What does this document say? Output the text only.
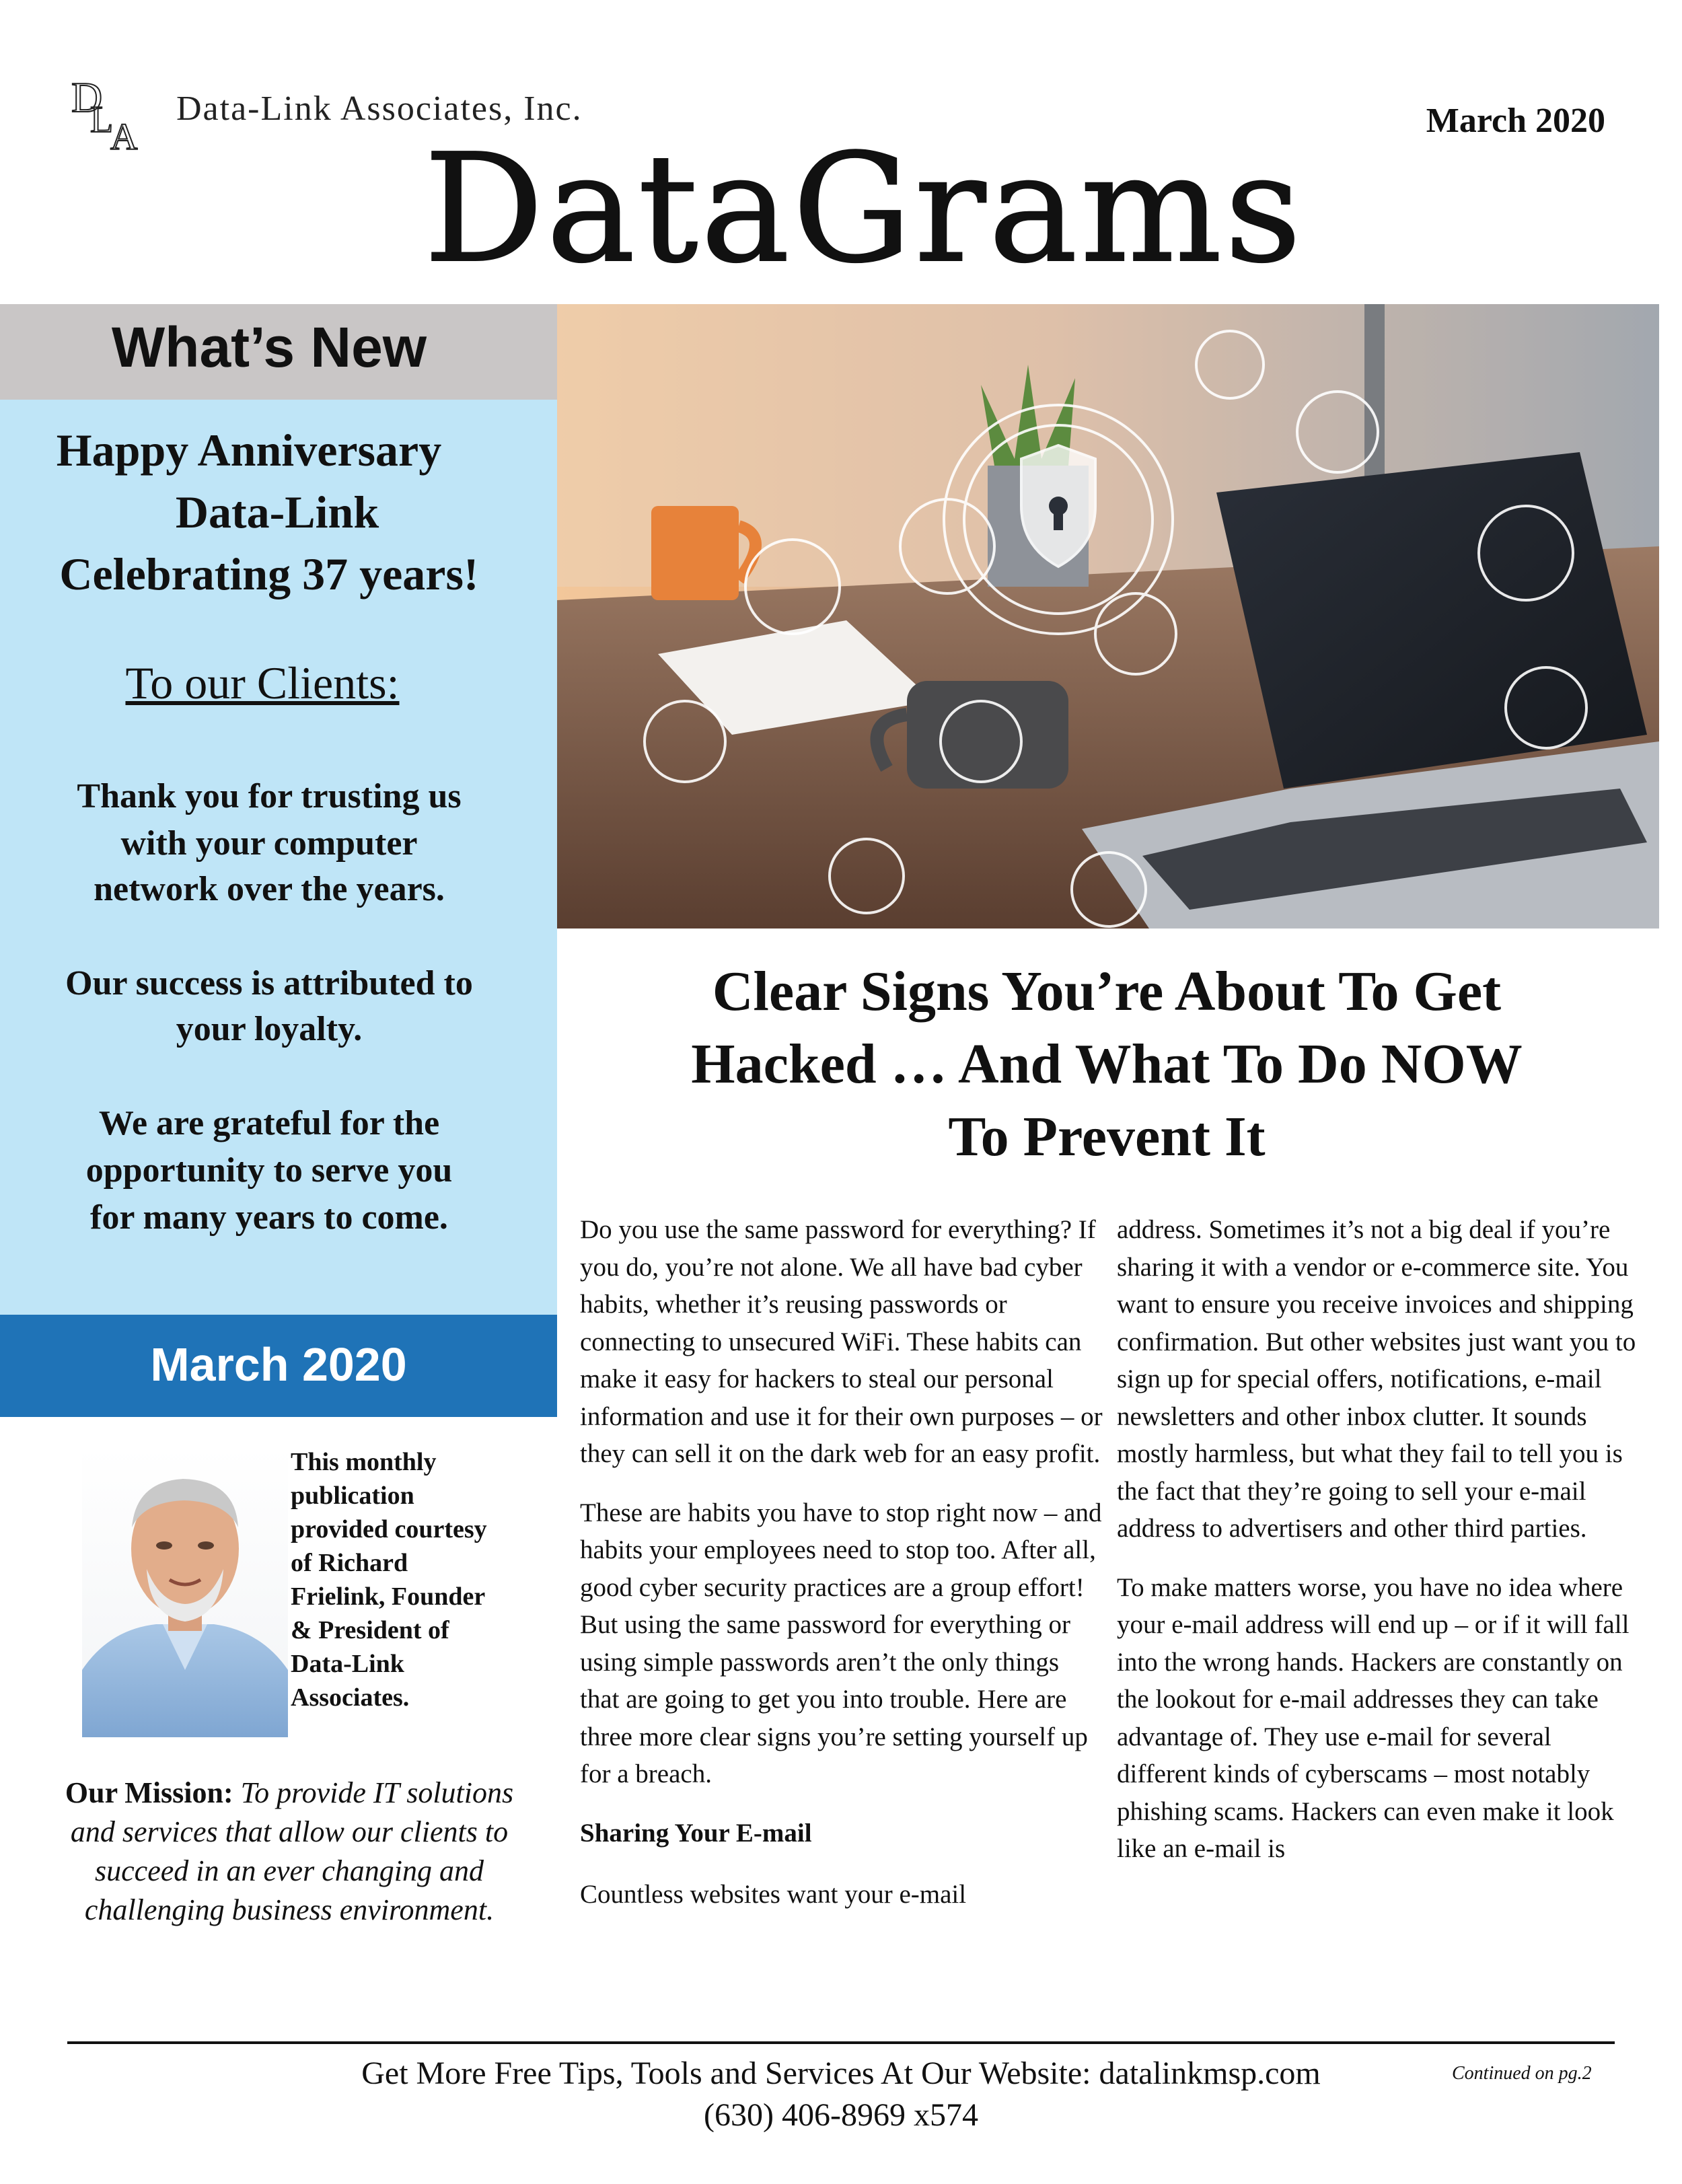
D
L
A
Data-Link Associates, Inc.	March 2020
DataGrams
What’s New
Happy Anniversary
Data-Link
Celebrating 37 years!
To our Clients:
Thank you for trusting us
with your computer
network over the years.
Our success is attributed to
your loyalty.
We are grateful for the
opportunity to serve you
for many years to come.
March 2020
This monthly
publication
provided courtesy
of Richard
Frielink, Founder
& President of
Data-Link
Associates.
Our Mission: To provide IT solutions and services that allow our clients to succeed in an ever changing and challenging business environment.
Clear Signs You’re About To Get
Hacked … And What To Do NOW
To Prevent It

Do you use the same password for everything? If you do, you’re not alone. We all have bad cyber habits, whether it’s reusing passwords or connecting to unsecured WiFi. These habits can make it easy for hackers to steal our personal information and use it for their own purposes – or they can sell it on the dark web for an easy profit.

These are habits you have to stop right now – and habits your employees need to stop too. After all, good cyber security practices are a group effort! But using the same password for everything or using simple passwords aren’t the only things that are going to get you into trouble. Here are three more clear signs you’re setting yourself up for a breach.

Sharing Your E-mail

Countless websites want your e-mail

address. Sometimes it’s not a big deal if you’re sharing it with a vendor or e-commerce site. You want to ensure you receive invoices and shipping confirmation. But other websites just want you to sign up for special offers, notifications, e-mail newsletters and other inbox clutter. It sounds mostly harmless, but what they fail to tell you is the fact that they’re going to sell your e-mail address to advertisers and other third parties.

To make matters worse, you have no idea where your e-mail address will end up – or if it will fall into the wrong hands. Hackers are constantly on the lookout for e-mail addresses they can take advantage of. They use e-mail for several different kinds of cyberscams – most notably phishing scams. Hackers can even make it look like an e-mail is

Get More Free Tips, Tools and Services At Our Website: datalinkmsp.com
(630) 406-8969 x574
Continued on pg.2
